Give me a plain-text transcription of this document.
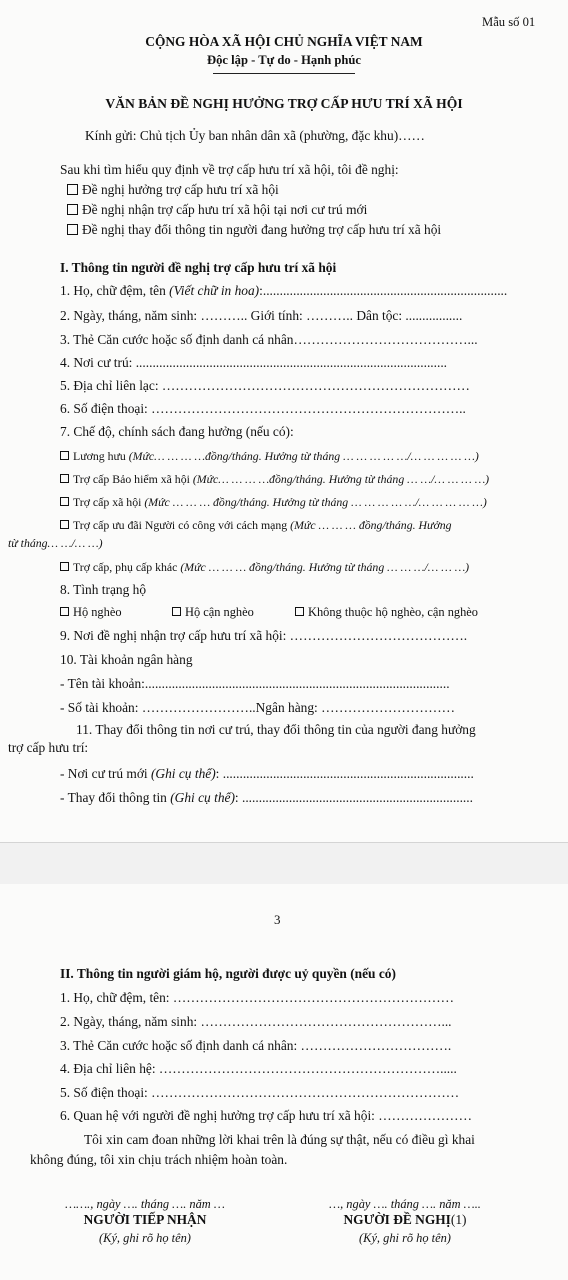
Mẫu số 01
CỘNG HÒA XÃ HỘI CHỦ NGHĨA VIỆT NAM
Độc lập - Tự do - Hạnh phúc
VĂN BẢN ĐỀ NGHỊ HƯỞNG TRỢ CẤP HƯU TRÍ XÃ HỘI
Kính gửi: Chủ tịch Ủy ban nhân dân xã (phường, đặc khu)……
Sau khi tìm hiểu quy định về trợ cấp hưu trí xã hội, tôi đề nghị:
Đề nghị hưởng trợ cấp hưu trí xã hội
Đề nghị nhận trợ cấp hưu trí xã hội tại nơi cư trú mới
Đề nghị thay đổi thông tin người đang hưởng trợ cấp hưu trí xã hội
I. Thông tin người đề nghị trợ cấp hưu trí xã hội
1. Họ, chữ đệm, tên (Viết chữ in hoa):.........................................................................
2. Ngày, tháng, năm sinh: ……….. Giới tính: ……….. Dân tộc: .................
3. Thẻ Căn cước hoặc số định danh cá nhân…………………………………...
4. Nơi cư trú: .............................................................................................
5. Địa chỉ liên lạc: ……………………………………………………………
6. Số điện thoại: ……………………………………………………………..
7. Chế độ, chính sách đang hưởng (nếu có):
Lương hưu (Mức… … … …đồng/tháng. Hưởng từ tháng … … … … …/… … … … …)
Trợ cấp Bảo hiểm xã hội (Mức… … … …đồng/tháng. Hưởng từ tháng … …/… … … …)
Trợ cấp xã hội (Mức … … … đồng/tháng. Hưởng từ tháng … … … … …/… … … … …)
Trợ cấp ưu đãi Người có công với cách mạng (Mức … … … đồng/tháng. Hưởng
từ tháng… …/… …)
Trợ cấp, phụ cấp khác (Mức … … … đồng/tháng. Hưởng từ tháng … … …/… … …)
8. Tình trạng hộ
Hộ nghèo	Hộ cận nghèo	Không thuộc hộ nghèo, cận nghèo
9. Nơi đề nghị nhận trợ cấp hưu trí xã hội: ………………………………….
10. Tài khoản ngân hàng
- Tên tài khoản:...........................................................................................
- Số tài khoản: ……………………..Ngân hàng: …………………………
11. Thay đổi thông tin nơi cư trú, thay đổi thông tin của người đang hưởng
trợ cấp hưu trí:
- Nơi cư trú mới (Ghi cụ thể): ...........................................................................
- Thay đổi thông tin (Ghi cụ thể): .....................................................................
3
II. Thông tin người giám hộ, người được uỷ quyền (nếu có)
1. Họ, chữ đệm, tên: ………………………………………………………
2. Ngày, tháng, năm sinh: ………………………………………………...
3. Thẻ Căn cước hoặc số định danh cá nhân: …………………………….
4. Địa chỉ liên hệ: ……………………………………………………….....
5. Số điện thoại: ……………………………………………………………
6. Quan hệ với người đề nghị hưởng trợ cấp hưu trí xã hội: …………………
Tôi xin cam đoan những lời khai trên là đúng sự thật, nếu có điều gì khai
không đúng, tôi xin chịu trách nhiệm hoàn toàn.
……., ngày …. tháng …. năm …
NGƯỜI TIẾP NHẬN
(Ký, ghi rõ họ tên)
…, ngày …. tháng …. năm …..
NGƯỜI ĐỀ NGHỊ(1)
(Ký, ghi rõ họ tên)
